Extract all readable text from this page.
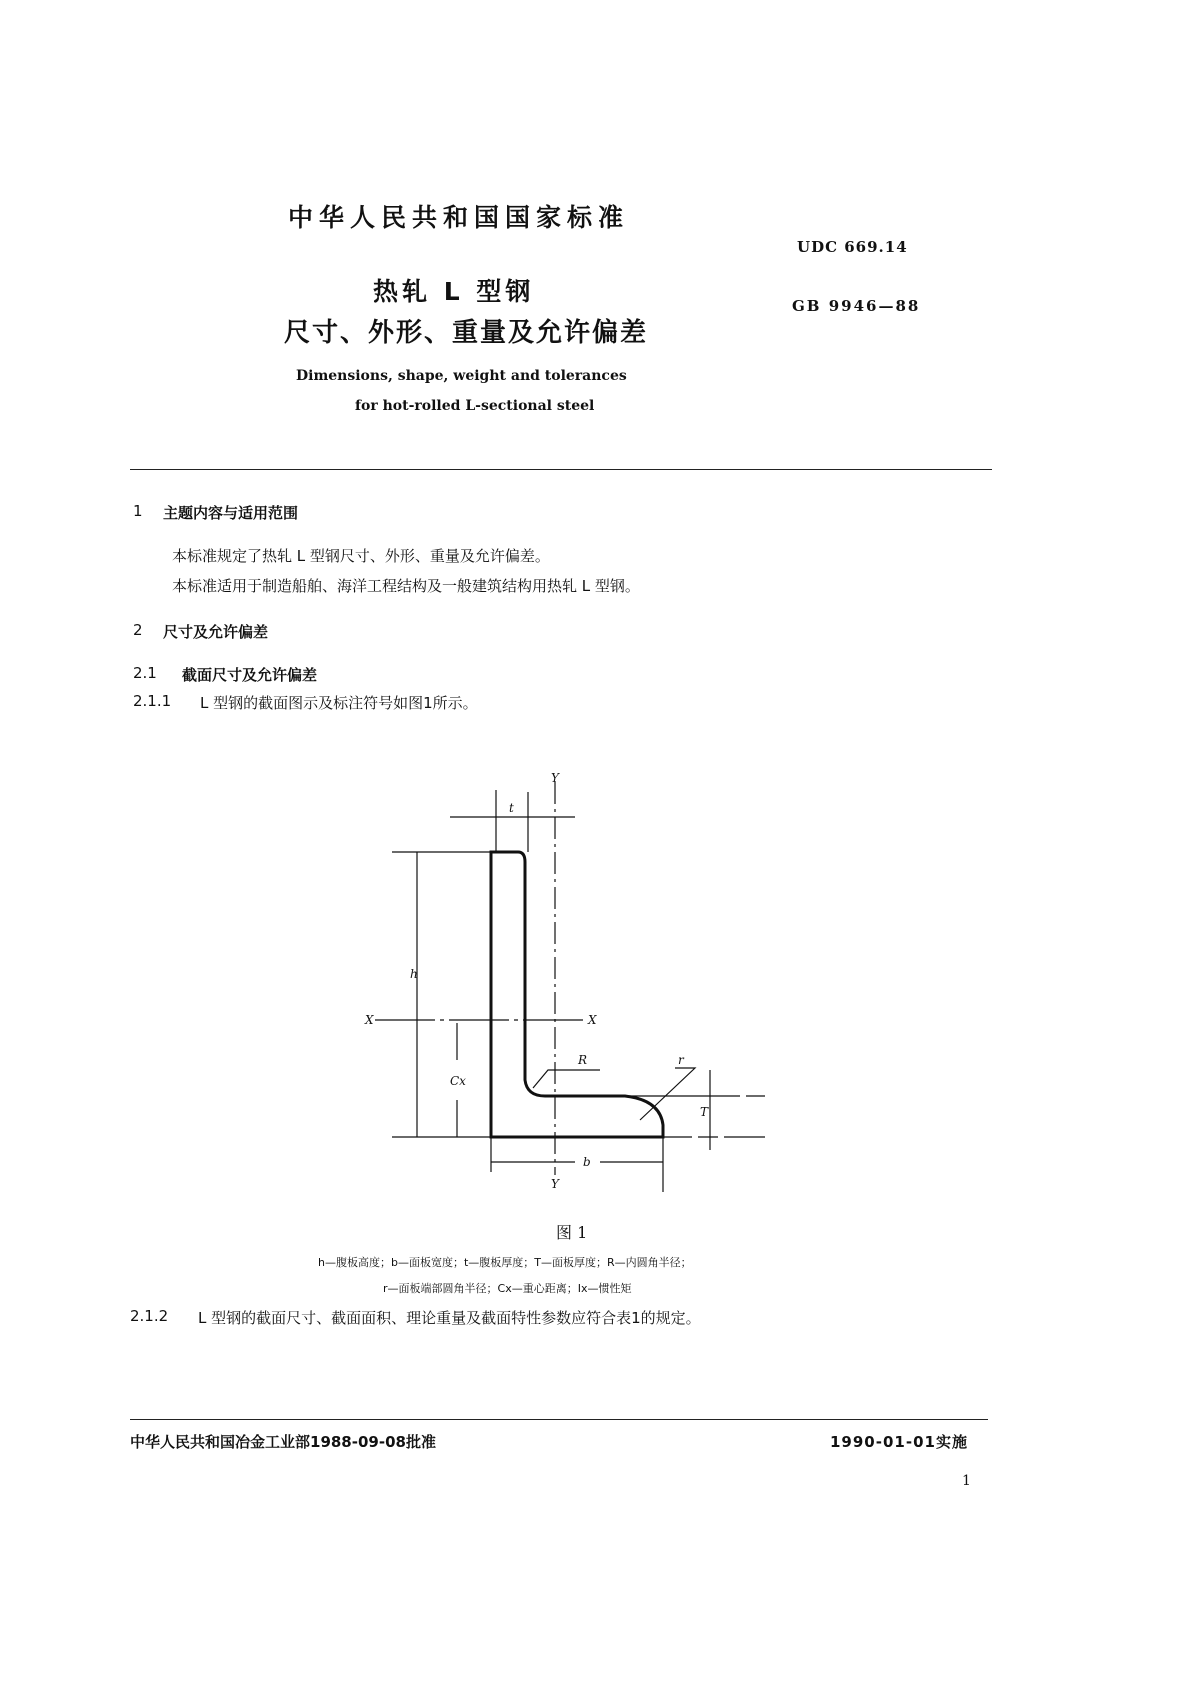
中华人民共和国国家标准
UDC 669.14
GB 9946—88
热轧 L 型钢
尺寸、外形、重量及允许偏差
Dimensions, shape, weight and tolerances
for hot-rolled L-sectional steel
1 主题内容与适用范围
本标准规定了热轧 L 型钢尺寸、外形、重量及允许偏差。
本标准适用于制造船舶、海洋工程结构及一般建筑结构用热轧 L 型钢。
2 尺寸及允许偏差
2.1 截面尺寸及允许偏差
2.1.1 L 型钢的截面图示及标注符号如图1所示。
Y
t
h
X	X
Cx
R	r
T
b
Y
图 1
h—腹板高度；b—面板宽度；t—腹板厚度；T—面板厚度；R—内圆角半径；
r—面板端部圆角半径；Cx—重心距离；Ix—惯性矩
2.1.2 L 型钢的截面尺寸、截面面积、理论重量及截面特性参数应符合表1的规定。
中华人民共和国冶金工业部1988-09-08批准	1990-01-01实施
1
